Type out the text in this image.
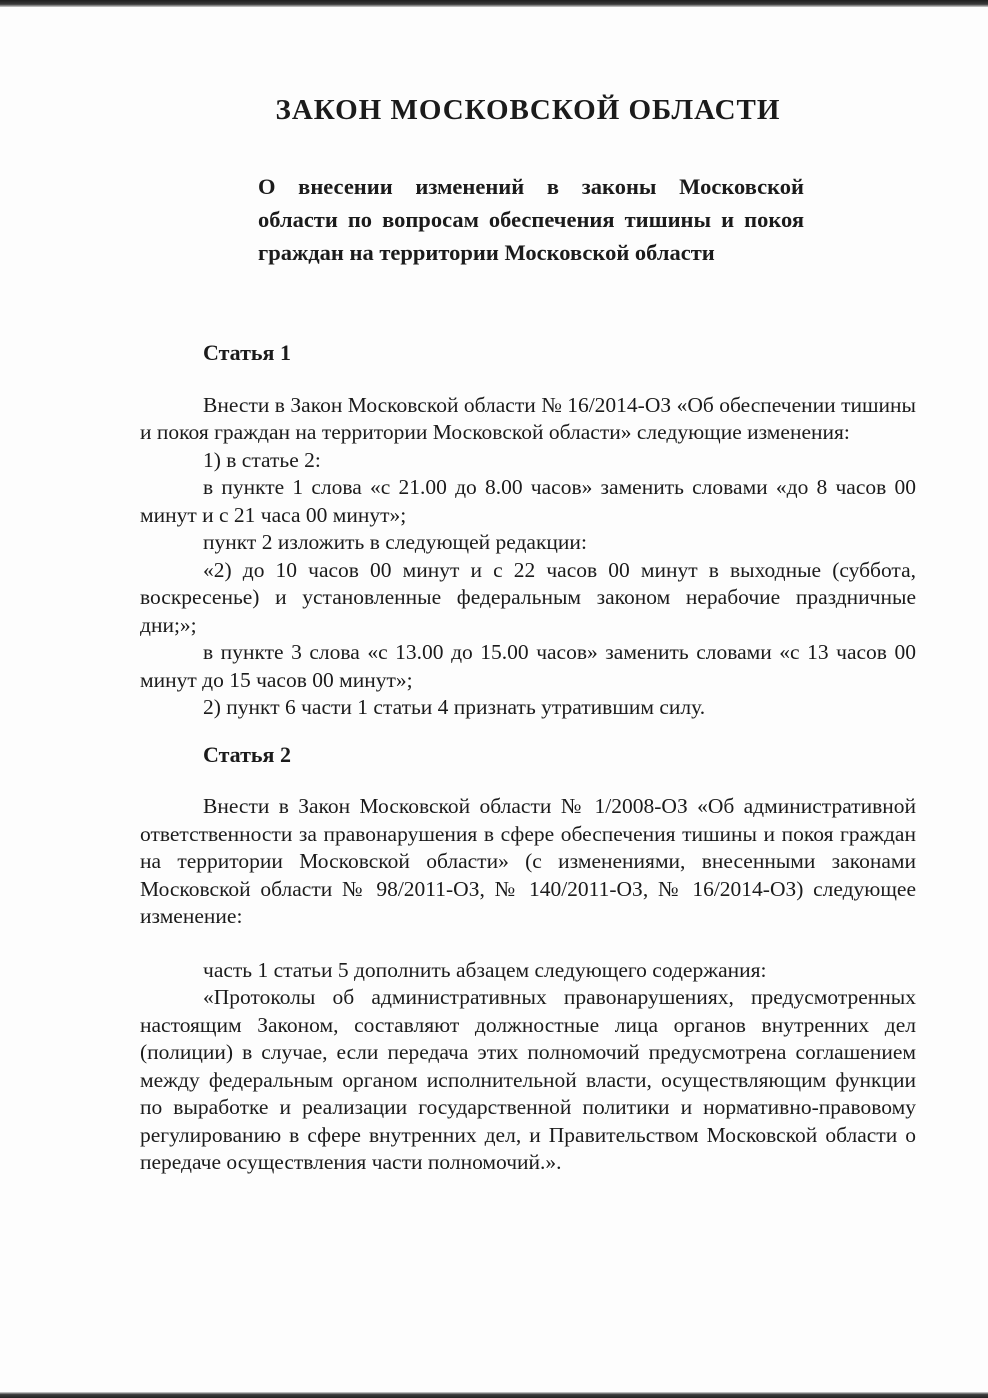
ЗАКОН МОСКОВСКОЙ ОБЛАСТИ

О внесении изменений в законы Московской области по вопросам обеспечения тишины и покоя граждан на территории Московской области

Статья 1

Внести в Закон Московской области № 16/2014-ОЗ «Об обеспечении тишины и покоя граждан на территории Московской области» следующие изменения:

1) в статье 2:

в пункте 1 слова «с 21.00 до 8.00 часов» заменить словами «до 8 часов 00 минут и с 21 часа 00 минут»;

пункт 2 изложить в следующей редакции:

«2) до 10 часов 00 минут и с 22 часов 00 минут в выходные (суббота, воскресенье) и установленные федеральным законом нерабочие праздничные дни;»;

в пункте 3 слова «с 13.00 до 15.00 часов» заменить словами «с 13 часов 00 минут до 15 часов 00 минут»;

2) пункт 6 части 1 статьи 4 признать утратившим силу.

Статья 2

Внести в Закон Московской области № 1/2008-ОЗ «Об административной ответственности за правонарушения в сфере обеспечения тишины и покоя граждан на территории Московской области» (с изменениями, внесенными законами Московской области № 98/2011-ОЗ, № 140/2011-ОЗ, № 16/2014-ОЗ) следующее изменение:

часть 1 статьи 5 дополнить абзацем следующего содержания:

«Протоколы об административных правонарушениях, предусмотренных настоящим Законом, составляют должностные лица органов внутренних дел (полиции) в случае, если передача этих полномочий предусмотрена соглашением между федеральным органом исполнительной власти, осуществляющим функции по выработке и реализации государственной политики и нормативно-правовому регулированию в сфере внутренних дел, и Правительством Московской области о передаче осуществления части полномочий.».
